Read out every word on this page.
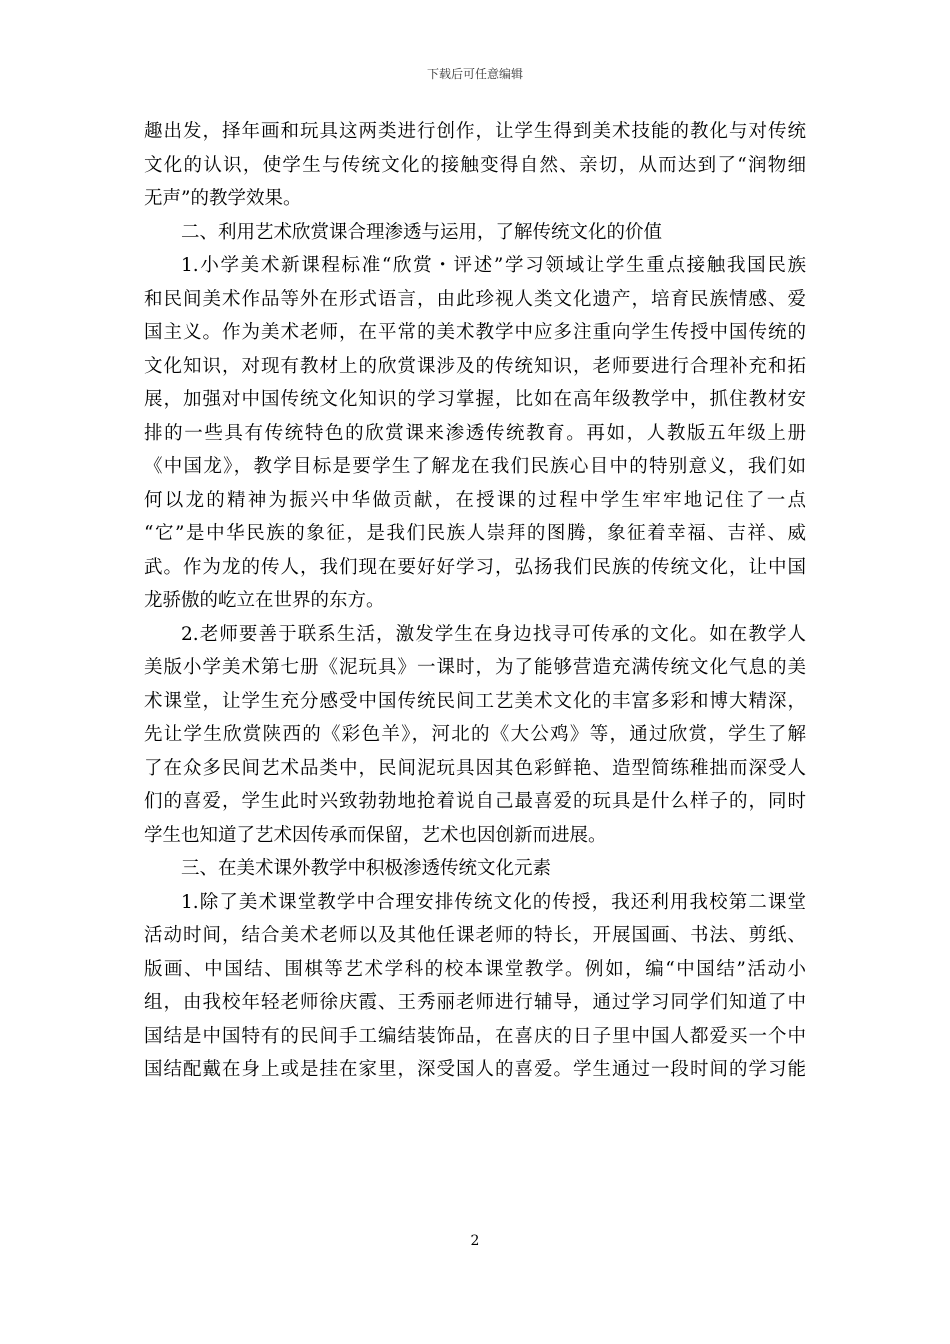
下载后可任意编辑
趣出发，择年画和玩具这两类进行创作，让学生得到美术技能的教化与对传统
文化的认识，使学生与传统文化的接触变得自然、亲切，从而达到了“润物细
无声”的教学效果。
二、利用艺术欣赏课合理渗透与运用，了解传统文化的价值
1.小学美术新课程标准“欣赏・评述”学习领域让学生重点接触我国民族
和民间美术作品等外在形式语言，由此珍视人类文化遗产，培育民族情感、爱
国主义。作为美术老师，在平常的美术教学中应多注重向学生传授中国传统的
文化知识，对现有教材上的欣赏课涉及的传统知识，老师要进行合理补充和拓
展，加强对中国传统文化知识的学习掌握，比如在高年级教学中，抓住教材安
排的一些具有传统特色的欣赏课来渗透传统教育。再如，人教版五年级上册
《中国龙》，教学目标是要学生了解龙在我们民族心目中的特别意义，我们如
何以龙的精神为振兴中华做贡献，在授课的过程中学生牢牢地记住了一点
“它”是中华民族的象征，是我们民族人崇拜的图腾，象征着幸福、吉祥、威
武。作为龙的传人，我们现在要好好学习，弘扬我们民族的传统文化，让中国
龙骄傲的屹立在世界的东方。
2.老师要善于联系生活，激发学生在身边找寻可传承的文化。如在教学人
美版小学美术第七册《泥玩具》一课时，为了能够营造充满传统文化气息的美
术课堂，让学生充分感受中国传统民间工艺美术文化的丰富多彩和博大精深，
先让学生欣赏陕西的《彩色羊》，河北的《大公鸡》等，通过欣赏，学生了解
了在众多民间艺术品类中，民间泥玩具因其色彩鲜艳、造型简练稚拙而深受人
们的喜爱，学生此时兴致勃勃地抢着说自己最喜爱的玩具是什么样子的，同时
学生也知道了艺术因传承而保留，艺术也因创新而进展。
三、在美术课外教学中积极渗透传统文化元素
1.除了美术课堂教学中合理安排传统文化的传授，我还利用我校第二课堂
活动时间，结合美术老师以及其他任课老师的特长，开展国画、书法、剪纸、
版画、中国结、围棋等艺术学科的校本课堂教学。例如，编“中国结”活动小
组，由我校年轻老师徐庆霞、王秀丽老师进行辅导，通过学习同学们知道了中
国结是中国特有的民间手工编结装饰品，在喜庆的日子里中国人都爱买一个中
国结配戴在身上或是挂在家里，深受国人的喜爱。学生通过一段时间的学习能
2
